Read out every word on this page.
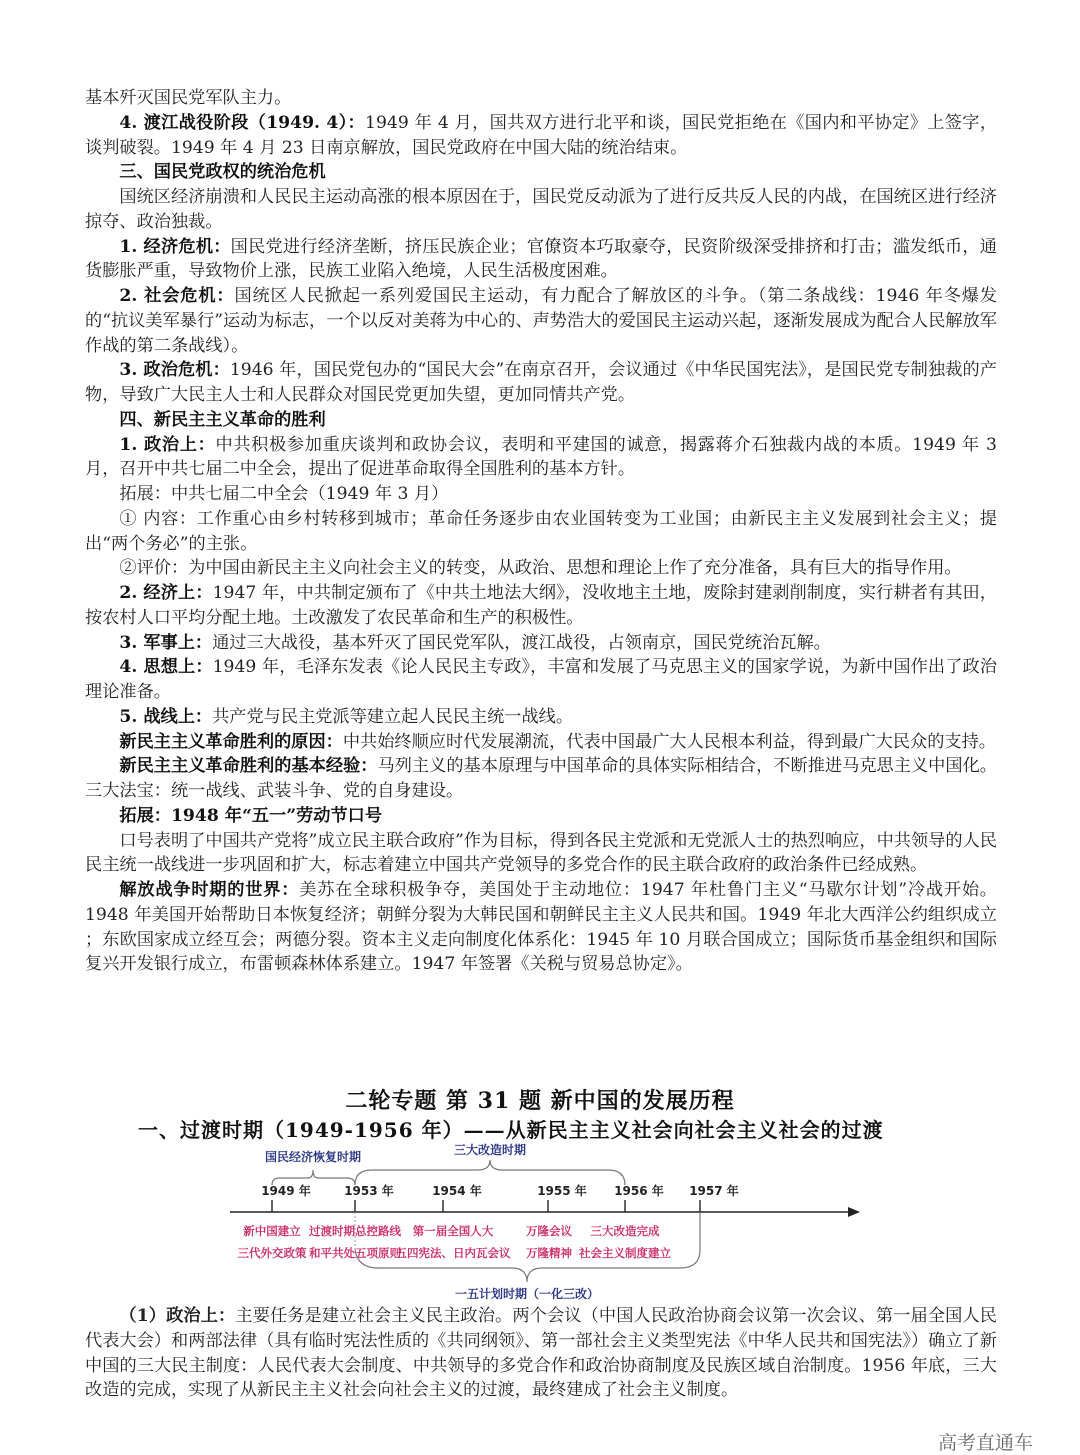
基本歼灭国民党军队主力。

4. 渡江战役阶段（1949. 4）：1949 年 4 月，国共双方进行北平和谈，国民党拒绝在《国内和平协定》上签字，谈判破裂。1949 年 4 月 23 日南京解放，国民党政府在中国大陆的统治结束。

三、国民党政权的统治危机

国统区经济崩溃和人民民主运动高涨的根本原因在于，国民党反动派为了进行反共反人民的内战，在国统区进行经济掠夺、政治独裁。

1. 经济危机：国民党进行经济垄断，挤压民族企业；官僚资本巧取豪夺，民资阶级深受排挤和打击；滥发纸币，通货膨胀严重，导致物价上涨，民族工业陷入绝境，人民生活极度困难。

2. 社会危机：国统区人民掀起一系列爱国民主运动，有力配合了解放区的斗争。（第二条战线：1946 年冬爆发的“抗议美军暴行”运动为标志，一个以反对美蒋为中心的、声势浩大的爱国民主运动兴起，逐渐发展成为配合人民解放军作战的第二条战线）。

3. 政治危机：1946 年，国民党包办的“国民大会”在南京召开，会议通过《中华民国宪法》，是国民党专制独裁的产物，导致广大民主人士和人民群众对国民党更加失望，更加同情共产党。

四、新民主主义革命的胜利

1. 政治上：中共积极参加重庆谈判和政协会议，表明和平建国的诚意，揭露蒋介石独裁内战的本质。1949 年 3 月，召开中共七届二中全会，提出了促进革命取得全国胜利的基本方针。

拓展：中共七届二中全会（1949 年 3 月）

① 内容：工作重心由乡村转移到城市；革命任务逐步由农业国转变为工业国；由新民主主义发展到社会主义；提出“两个务必”的主张。

②评价：为中国由新民主主义向社会主义的转变，从政治、思想和理论上作了充分准备，具有巨大的指导作用。

2. 经济上：1947 年，中共制定颁布了《中共土地法大纲》，没收地主土地，废除封建剥削制度，实行耕者有其田，按农村人口平均分配土地。土改激发了农民革命和生产的积极性。

3. 军事上：通过三大战役，基本歼灭了国民党军队，渡江战役，占领南京，国民党统治瓦解。

4. 思想上：1949 年，毛泽东发表《论人民民主专政》，丰富和发展了马克思主义的国家学说，为新中国作出了政治理论准备。

5. 战线上：共产党与民主党派等建立起人民民主统一战线。

新民主主义革命胜利的原因：中共始终顺应时代发展潮流，代表中国最广大人民根本利益，得到最广大民众的支持。

新民主主义革命胜利的基本经验：马列主义的基本原理与中国革命的具体实际相结合，不断推进马克思主义中国化。三大法宝：统一战线、武装斗争、党的自身建设。

拓展：1948 年“五一”劳动节口号

口号表明了中国共产党将”成立民主联合政府”作为目标，得到各民主党派和无党派人士的热烈响应，中共领导的人民民主统一战线进一步巩固和扩大，标志着建立中国共产党领导的多党合作的民主联合政府的政治条件已经成熟。

解放战争时期的世界：美苏在全球积极争夺，美国处于主动地位：1947 年杜鲁门主义“马歇尔计划”冷战开始。1948 年美国开始帮助日本恢复经济；朝鲜分裂为大韩民国和朝鲜民主主义人民共和国。1949 年北大西洋公约组织成立 ；东欧国家成立经互会；两德分裂。资本主义走向制度化体系化：1945 年 10 月联合国成立；国际货币基金组织和国际复兴开发银行成立，布雷顿森林体系建立。1947 年签署《关税与贸易总协定》。

二轮专题 第 31 题 新中国的发展历程
一、过渡时期（1949-1956 年）——从新民主主义社会向社会主义社会的过渡
国民经济恢复时期	三大改造时期
1949 年	1953 年	1954 年	1955 年 1956 年 1957 年
新中国建立 过渡时期总控路线 第一届全国人大	万隆会议 三大改造完成
三代外交政策 和平共处五项原则
五四宪法、日内瓦会议 万隆精神 社会主义制度建立
一五计划时期（一化三改）

（1）政治上：主要任务是建立社会主义民主政治。两个会议（中国人民政治协商会议第一次会议、第一届全国人民代表大会）和两部法律（具有临时宪法性质的《共同纲领》、第一部社会主义类型宪法《中华人民共和国宪法》）确立了新中国的三大民主制度：人民代表大会制度、中共领导的多党合作和政治协商制度及民族区域自治制度。1956 年底，三大改造的完成，实现了从新民主主义社会向社会主义的过渡，最终建成了社会主义制度。

高考直通车
